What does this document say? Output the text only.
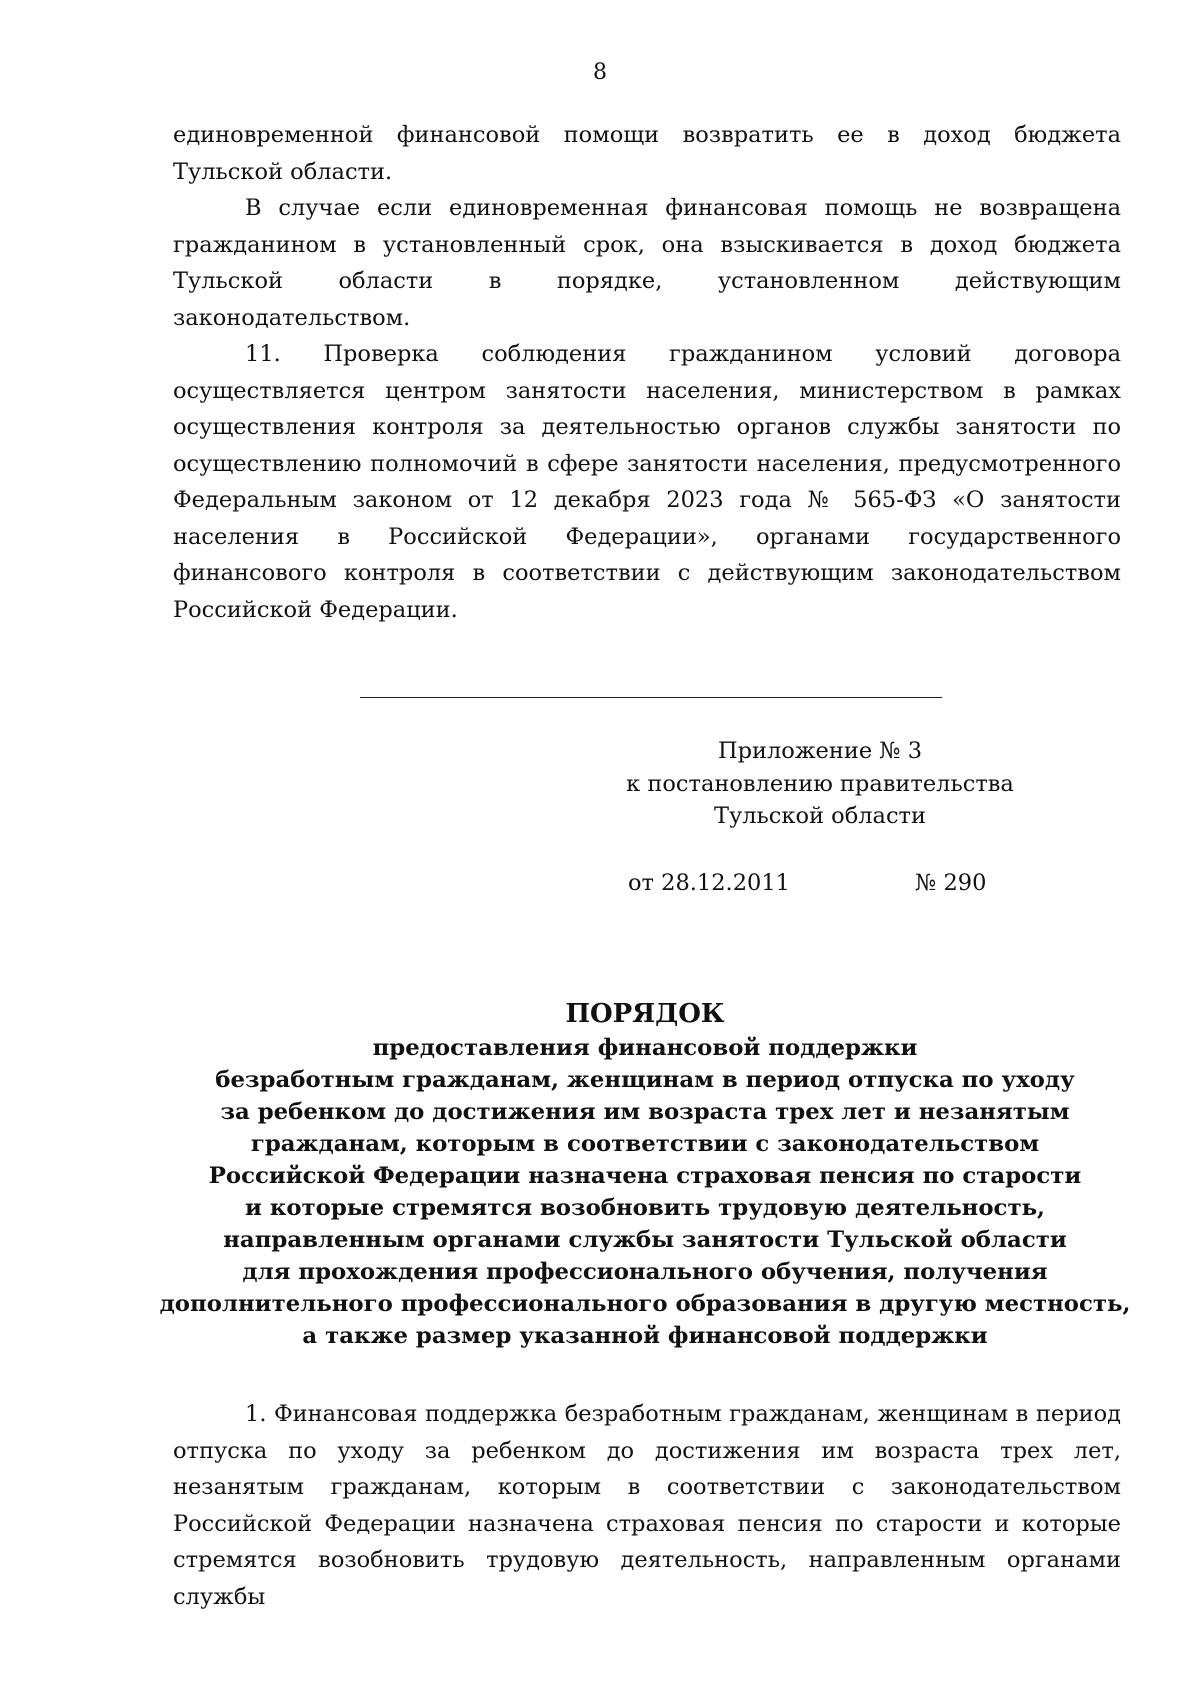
8

единовременной финансовой помощи возвратить ее в доход бюджета Тульской области.

В случае если единовременная финансовая помощь не возвращена гражданином в установленный срок, она взыскивается в доход бюджета Тульской области в порядке, установленном действующим законодательством.

11. Проверка соблюдения гражданином условий договора осуществляется центром занятости населения, министерством в рамках осуществления контроля за деятельностью органов службы занятости по осуществлению полномочий в сфере занятости населения, предусмотренного Федеральным законом от 12 декабря 2023 года № 565-ФЗ «О занятости населения в Российской Федерации», органами государственного финансового контроля в соответствии с действующим законодательством Российской Федерации.

Приложение № 3
к постановлению правительства
Тульской области
от 28.12.2011	№ 290
ПОРЯДОК
предоставления финансовой поддержки
безработным гражданам, женщинам в период отпуска по уходу
за ребенком до достижения им возраста трех лет и незанятым
гражданам, которым в соответствии с законодательством
Российской Федерации назначена страховая пенсия по старости
и которые стремятся возобновить трудовую деятельность,
направленным органами службы занятости Тульской области
для прохождения профессионального обучения, получения
дополнительного профессионального образования в другую местность,
а также размер указанной финансовой поддержки

1. Финансовая поддержка безработным гражданам, женщинам в период отпуска по уходу за ребенком до достижения им возраста трех лет, незанятым гражданам, которым в соответствии с законодательством Российской Федерации назначена страховая пенсия по старости и которые стремятся возобновить трудовую деятельность, направленным органами службы
